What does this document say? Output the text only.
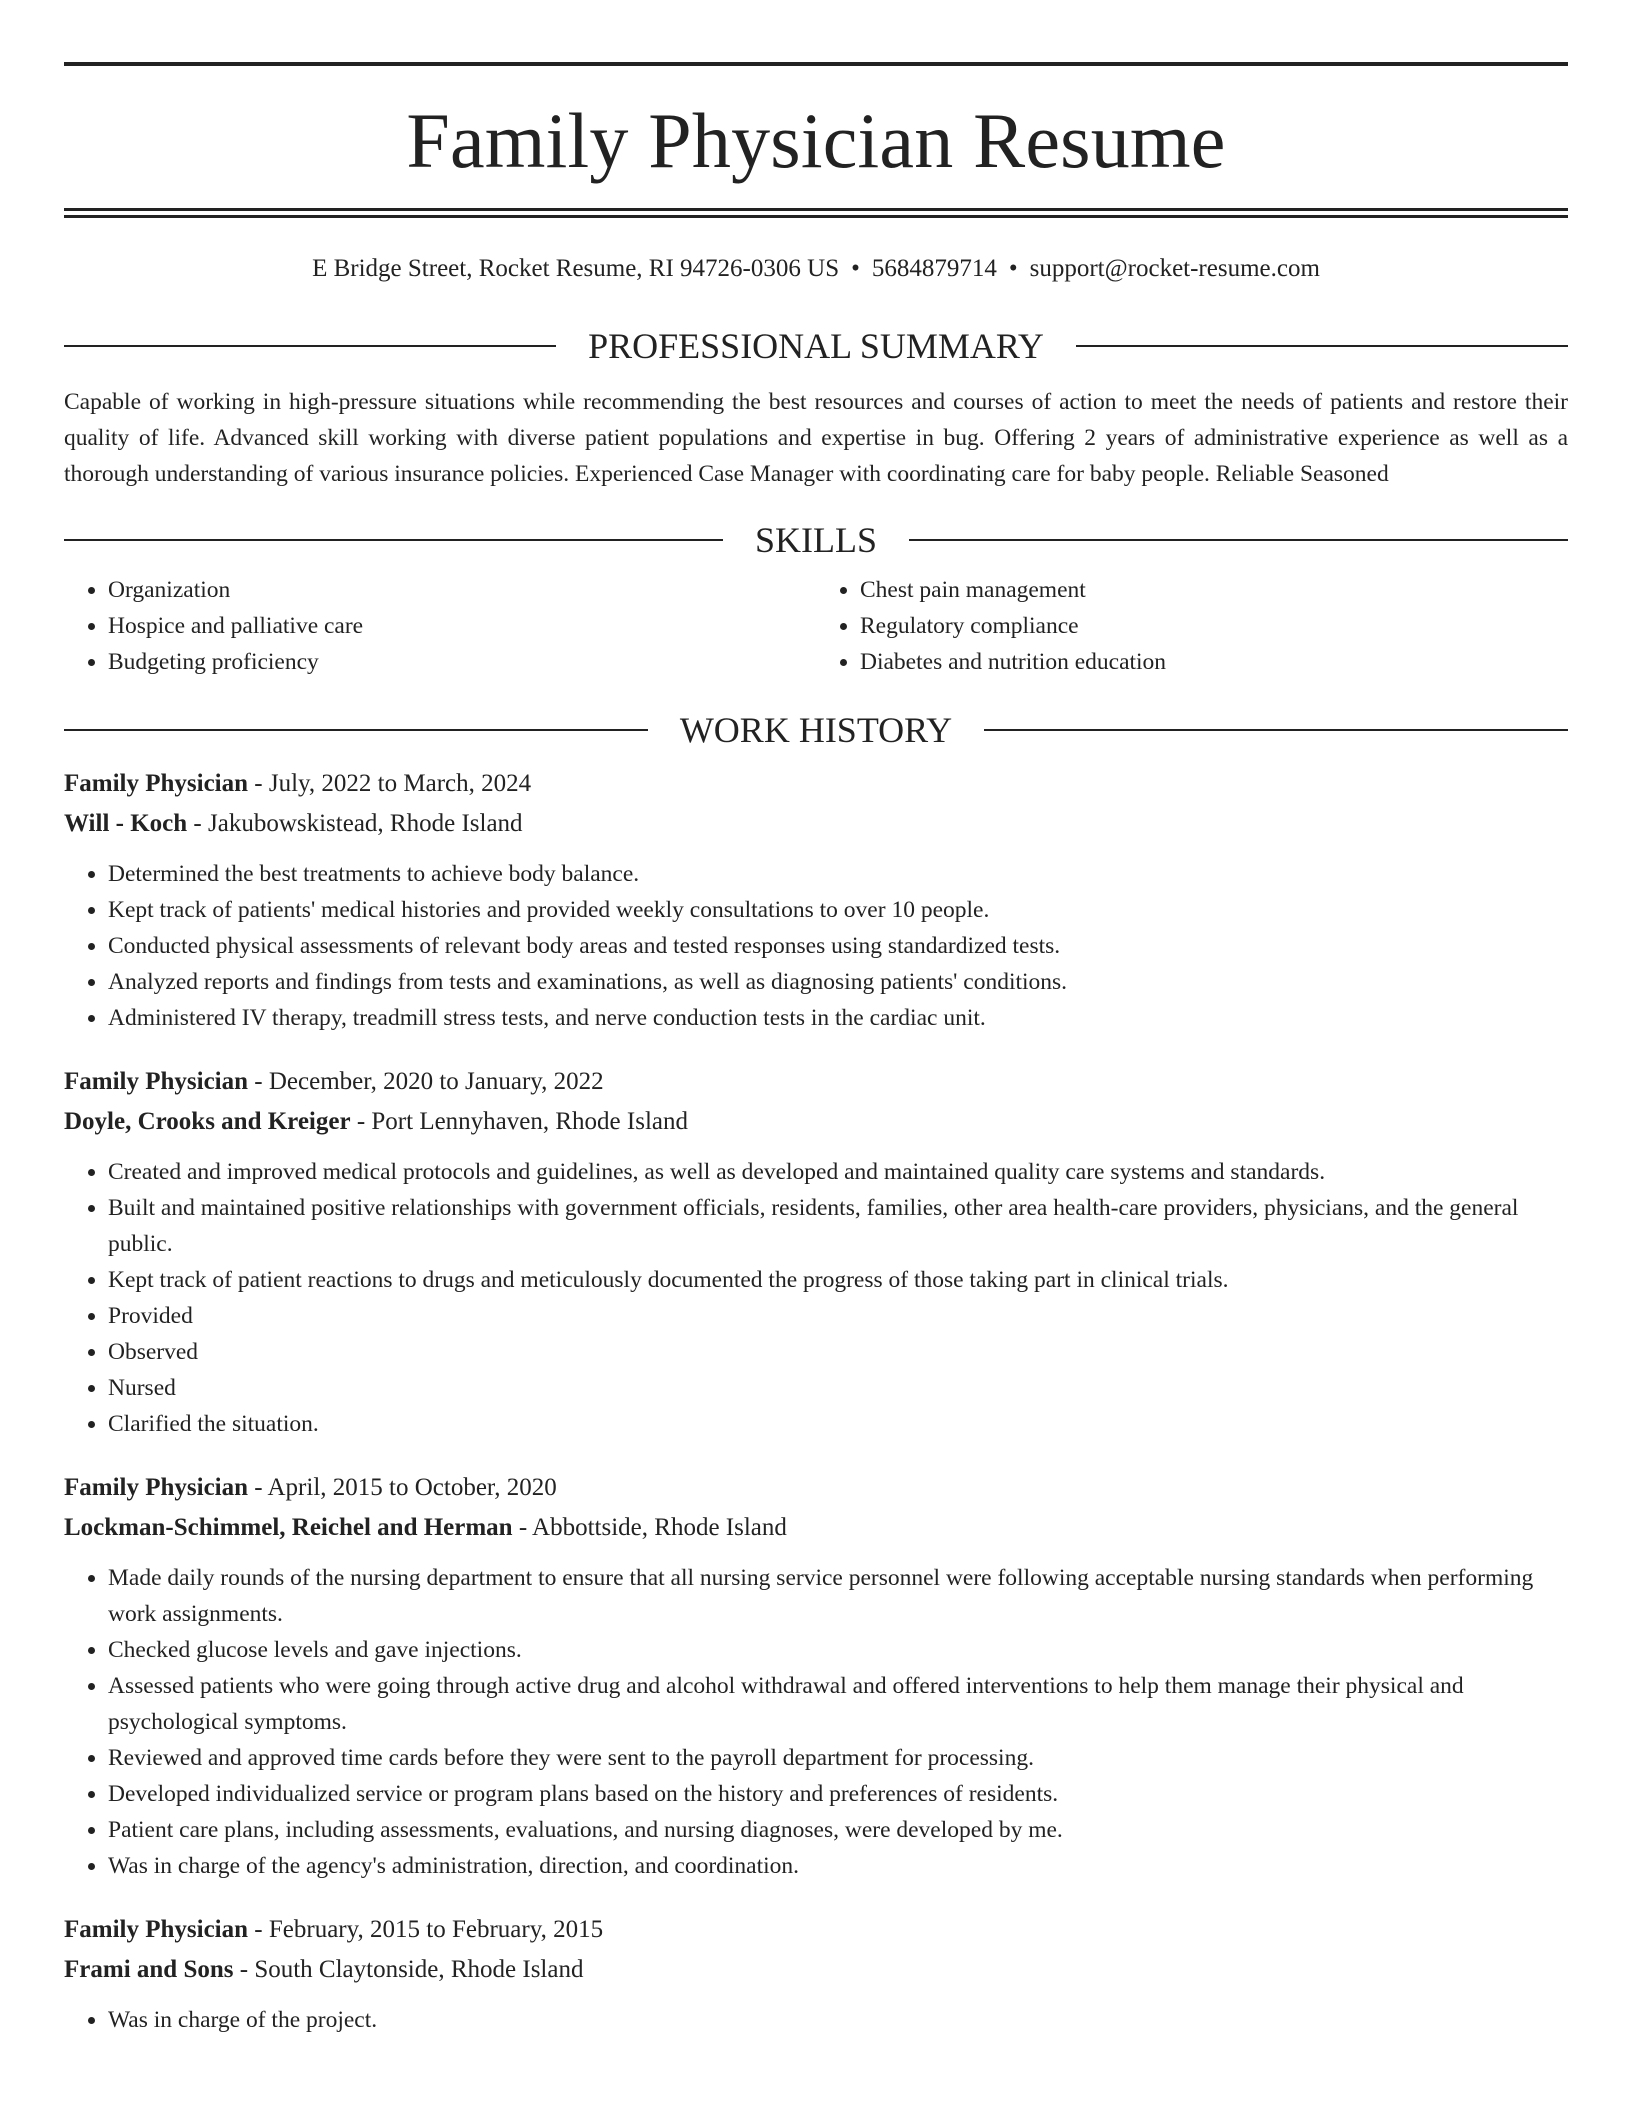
Family Physician Resume
E Bridge Street, Rocket Resume, RI 94726-0306 US • 5684879714 • support@rocket-resume.com
PROFESSIONAL SUMMARY
Capable of working in high-pressure situations while recommending the best resources and courses of action to meet the needs of patients and restore their quality of life. Advanced skill working with diverse patient populations and expertise in bug. Offering 2 years of administrative experience as well as a thorough understanding of various insurance policies. Experienced Case Manager with coordinating care for baby people. Reliable Seasoned
SKILLS
• Organization
• Hospice and palliative care
• Budgeting proficiency
• Chest pain management
• Regulatory compliance
• Diabetes and nutrition education
WORK HISTORY
Family Physician - July, 2022 to March, 2024
Will - Koch - Jakubowskistead, Rhode Island
• Determined the best treatments to achieve body balance.
• Kept track of patients' medical histories and provided weekly consultations to over 10 people.
• Conducted physical assessments of relevant body areas and tested responses using standardized tests.
• Analyzed reports and findings from tests and examinations, as well as diagnosing patients' conditions.
• Administered IV therapy, treadmill stress tests, and nerve conduction tests in the cardiac unit.
Family Physician - December, 2020 to January, 2022
Doyle, Crooks and Kreiger - Port Lennyhaven, Rhode Island
• Created and improved medical protocols and guidelines, as well as developed and maintained quality care systems and standards.
• Built and maintained positive relationships with government officials, residents, families, other area health-care providers, physicians, and the general public.
• Kept track of patient reactions to drugs and meticulously documented the progress of those taking part in clinical trials.
• Provided
• Observed
• Nursed
• Clarified the situation.
Family Physician - April, 2015 to October, 2020
Lockman-Schimmel, Reichel and Herman - Abbottside, Rhode Island
• Made daily rounds of the nursing department to ensure that all nursing service personnel were following acceptable nursing standards when performing work assignments.
• Checked glucose levels and gave injections.
• Assessed patients who were going through active drug and alcohol withdrawal and offered interventions to help them manage their physical and psychological symptoms.
• Reviewed and approved time cards before they were sent to the payroll department for processing.
• Developed individualized service or program plans based on the history and preferences of residents.
• Patient care plans, including assessments, evaluations, and nursing diagnoses, were developed by me.
• Was in charge of the agency's administration, direction, and coordination.
Family Physician - February, 2015 to February, 2015
Frami and Sons - South Claytonside, Rhode Island
• Was in charge of the project.
